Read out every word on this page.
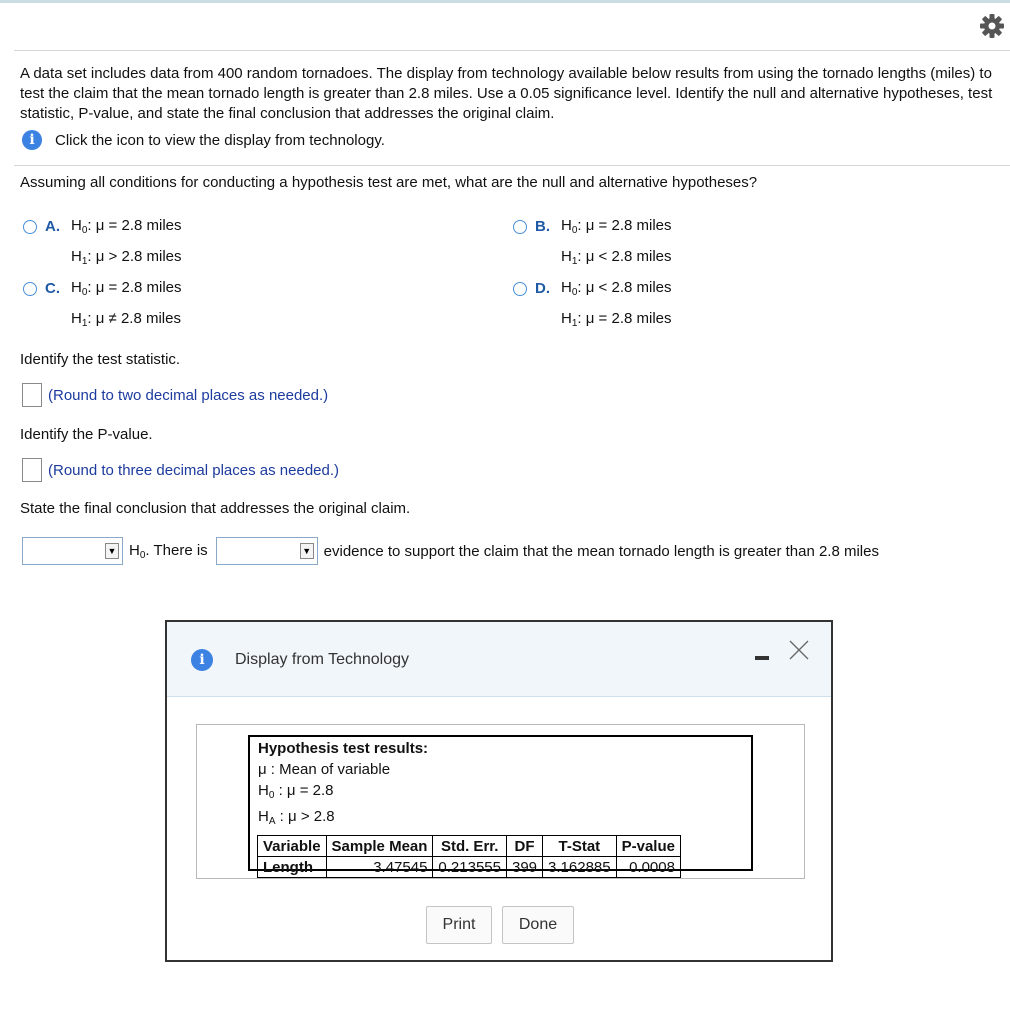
A data set includes data from 400 random tornadoes. The display from technology available below results from using the tornado lengths (miles) to test the claim that the mean tornado length is greater than 2.8 miles. Use a 0.05 significance level. Identify the null and alternative hypotheses, test statistic, P-value, and state the final conclusion that addresses the original claim.
i	Click the icon to view the display from technology.
Assuming all conditions for conducting a hypothesis test are met, what are the null and alternative hypotheses?
A. $H_0$: μ = 2.8 miles
$H_1$: μ > 2.8 miles
B. $H_0$: μ = 2.8 miles
$H_1$: μ < 2.8 miles
C. $H_0$: μ = 2.8 miles
$H_1$: μ ≠ 2.8 miles
D. $H_0$: μ < 2.8 miles
$H_1$: μ = 2.8 miles
Identify the test statistic.
(Round to two decimal places as needed.)
Identify the P-value.
(Round to three decimal places as needed.)
State the final conclusion that addresses the original claim.
▼ $H_0$. There is	▼ evidence to support the claim that the mean tornado length is greater than 2.8 miles
i	Display from Technology
Hypothesis test results:
μ : Mean of variable
$H_0$ : μ = 2.8
$H_A$ : μ > 2.8
Variable	Sample Mean	Std. Err.	DF	T-Stat	P-value
Length	3.47545	0.213555	399	3.162885	0.0008
Print	Done
